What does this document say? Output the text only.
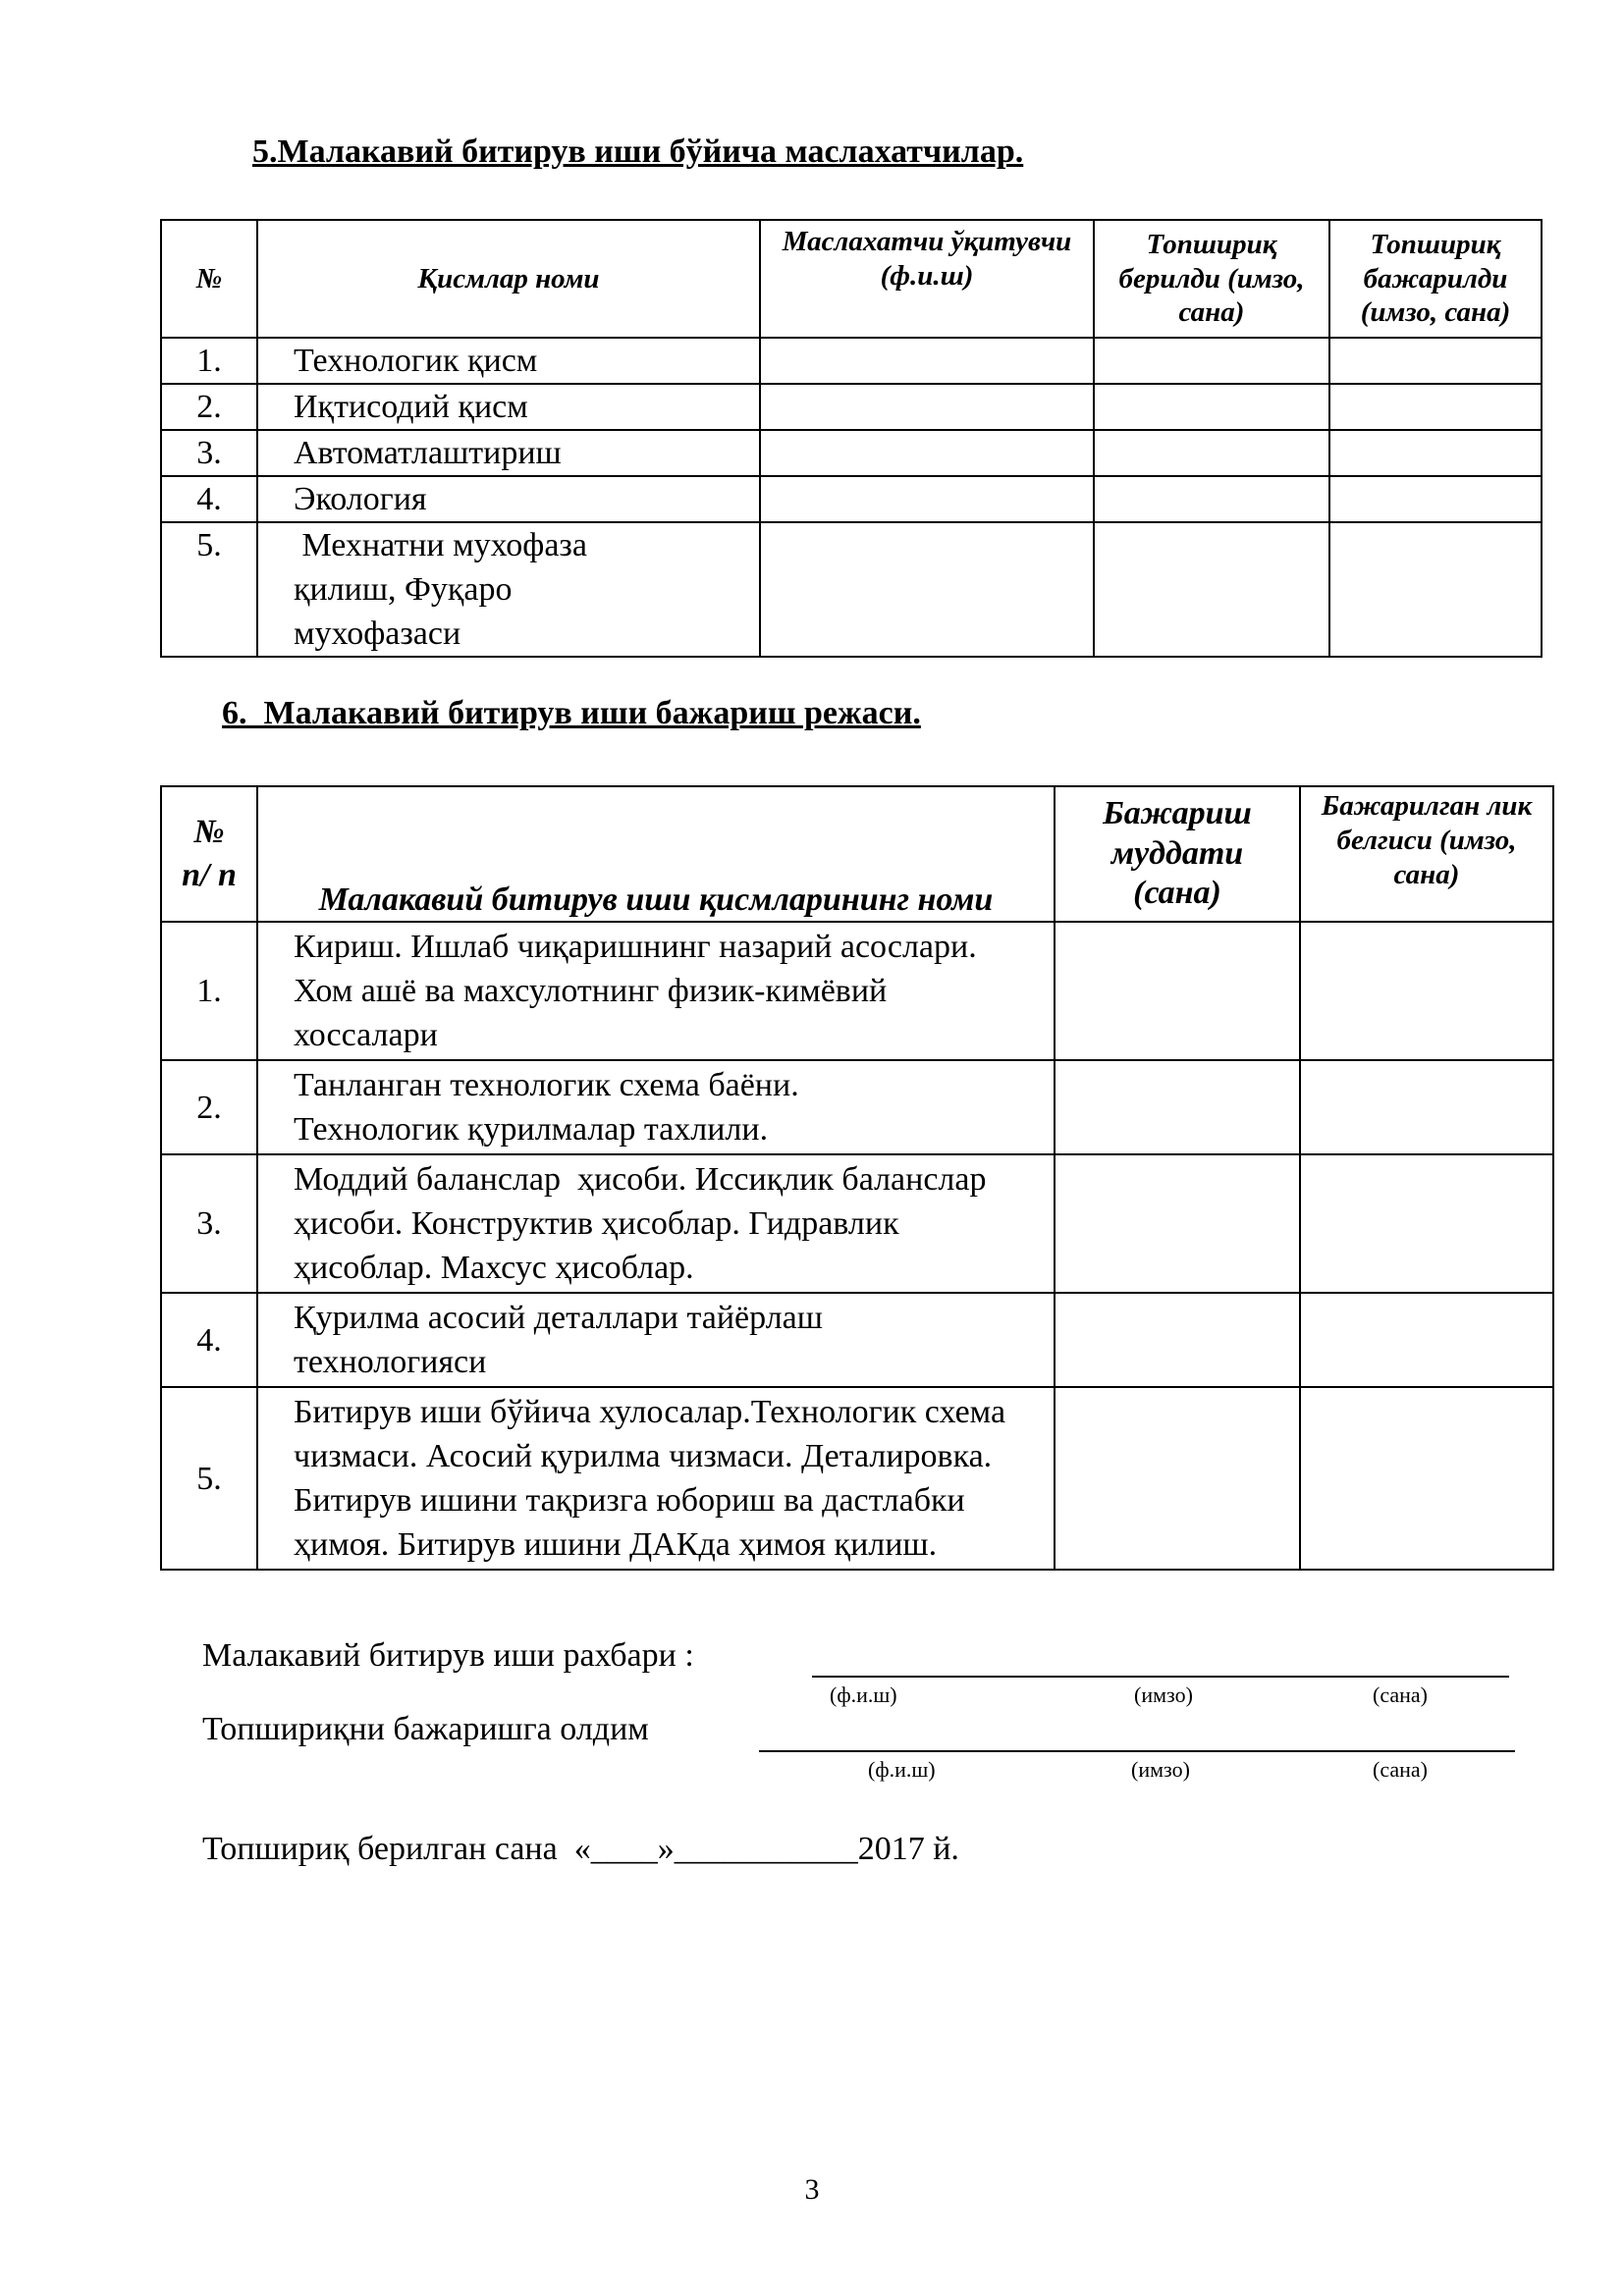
5.Малакавий битирув иши бўйича маслахатчилар.
№	Қисмлар номи	Маслахатчи ўқитувчи (ф.и.ш)	Топшириқ берилди (имзо, сана)	Топшириқ бажарилди (имзо, сана)
1.	Технологик қисм			
2.	Иқтисодий қисм			
3.	Автоматлаштириш			
4.	Экология			
5.	Мехнатни мухофаза қилиш, Фуқаро мухофазаси			
6.  Малакавий битирув иши бажариш режаси.
№ п/ п	Малакавий битирув иши қисмларининг номи	Бажариш муддати (сана)	Бажарилган лик белгиси (имзо, сана)
1.	Кириш. Ишлаб чиқаришнинг назарий асослари. Хом ашё ва махсулотнинг физик-кимёвий хоссалари		
2.	Танланган технологик схема баёни. Технологик қурилмалар тахлили.		
3.	Моддий баланслар  ҳисоби. Иссиқлик баланслар ҳисоби. Конструктив ҳисоблар. Гидравлик ҳисоблар. Махсус ҳисоблар.		
4.	Қурилма асосий деталлари тайёрлаш технологияси		
5.	Битирув иши бўйича хулосалар.Технологик схема чизмаси. Асосий қурилма чизмаси. Деталировка. Битирув ишини тақризга юбориш ва дастлабки ҳимоя. Битирув ишини ДАКда ҳимоя қилиш.		
Малакавий битирув иши рахбари :
(ф.и.ш)	(имзо)	(сана)
Топшириқни бажаришга олдим
(ф.и.ш)	(имзо)	(сана)
Топшириқ берилган сана  «____»___________2017 й.
3
